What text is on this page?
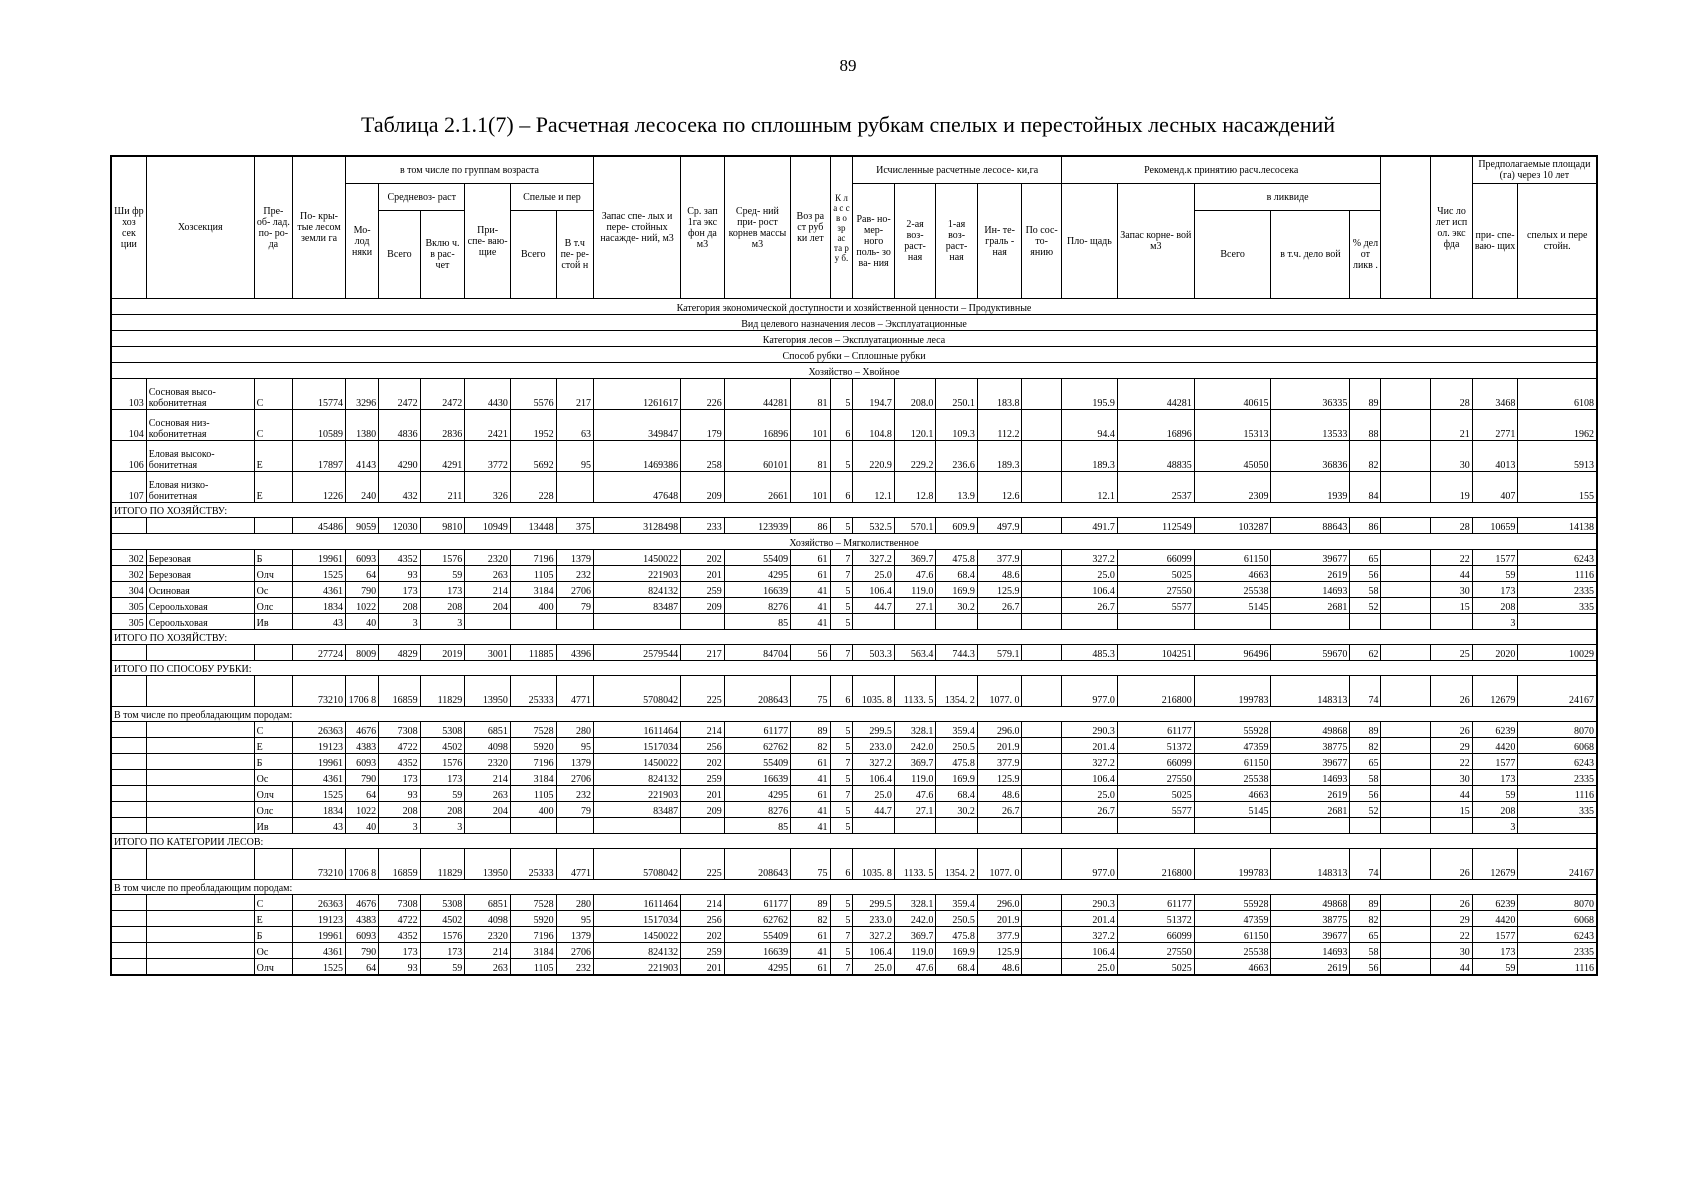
89
Таблица 2.1.1(7) – Расчетная лесосека по сплошным рубкам спелых и перестойных лесных насаждений
Ши фр хоз сек ции	Хозсекция	Пре- об- лад. по- ро- да	По- кры- тые лесом земли га	в том числе по группам возраста						Запас спе- лых и пере- стойных насажде- ний, м3	Ср. зап 1га экс фон да м3	Сред- ний при- рост корнев массы м3	Воз ра ст руб ки лет	К л а с с в о зр ас та р у б.	Исчисленные расчетные лесосе- ки,га					Рекоменд.к принятию расч.лесосека						Чис ло лет исп ол. экс фда	Предполагаемые площади (га) через 10 лет	
				Мо- лод няки	Средневоз- раст		При- спе- ваю- щие	Спелые и пер							Рав- но- мер- ного поль- зо ва- ния	2-ая воз- раст- ная	1-ая воз- раст- ная	Ин- те- граль - ная	По сос- то- янию	Пло- щадь	Запас корне- вой м3	в ликвиде					при- спе- ваю- щих	спелых и пере стойн.
					Всего	Вклю ч. в рас- чет		Всего	В т.ч пе- ре- стой н													Всего	в т.ч. дело вой	% дел от ликв .				
Категория экономической доступности и хозяйственной ценности – Продуктивные																												
Вид целевого назначения лесов – Эксплуатационные																												
Категория лесов – Эксплуатационные леса																												
Способ рубки – Сплошные рубки																												
Хозяйство – Хвойное																												
103	Сосновая высо- кобонитетная	С	15774	3296	2472	2472	4430	5576	217	1261617	226	44281	81	5	194.7	208.0	250.1	183.8		195.9	44281	40615	36335	89		28	3468	6108
104	Сосновая низ- кобонитетная	С	10589	1380	4836	2836	2421	1952	63	349847	179	16896	101	6	104.8	120.1	109.3	112.2		94.4	16896	15313	13533	88		21	2771	1962
106	Еловая высоко- бонитетная	Е	17897	4143	4290	4291	3772	5692	95	1469386	258	60101	81	5	220.9	229.2	236.6	189.3		189.3	48835	45050	36836	82		30	4013	5913
107	Еловая низко- бонитетная	Е	1226	240	432	211	326	228		47648	209	2661	101	6	12.1	12.8	13.9	12.6		12.1	2537	2309	1939	84		19	407	155
ИТОГО ПО ХОЗЯЙСТВУ:																												
			45486	9059	12030	9810	10949	13448	375	3128498	233	123939	86	5	532.5	570.1	609.9	497.9		491.7	112549	103287	88643	86		28	10659	14138
Хозяйство – Мягколиственное																												
302	Березовая	Б	19961	6093	4352	1576	2320	7196	1379	1450022	202	55409	61	7	327.2	369.7	475.8	377.9		327.2	66099	61150	39677	65		22	1577	6243
302	Березовая	Олч	1525	64	93	59	263	1105	232	221903	201	4295	61	7	25.0	47.6	68.4	48.6		25.0	5025	4663	2619	56		44	59	1116
304	Осиновая	Ос	4361	790	173	173	214	3184	2706	824132	259	16639	41	5	106.4	119.0	169.9	125.9		106.4	27550	25538	14693	58		30	173	2335
305	Сероольховая	Олс	1834	1022	208	208	204	400	79	83487	209	8276	41	5	44.7	27.1	30.2	26.7		26.7	5577	5145	2681	52		15	208	335
305	Сероольховая	Ив	43	40	3	3						85	41	5													3	
ИТОГО ПО ХОЗЯЙСТВУ:																												
			27724	8009	4829	2019	3001	11885	4396	2579544	217	84704	56	7	503.3	563.4	744.3	579.1		485.3	104251	96496	59670	62		25	2020	10029
ИТОГО ПО СПОСОБУ РУБКИ:																												
			73210	1706 8	16859	11829	13950	25333	4771	5708042	225	208643	75	6	1035. 8	1133. 5	1354. 2	1077. 0		977.0	216800	199783	148313	74		26	12679	24167
В том числе по преобладающим породам:																												
		С	26363	4676	7308	5308	6851	7528	280	1611464	214	61177	89	5	299.5	328.1	359.4	296.0		290.3	61177	55928	49868	89		26	6239	8070
		Е	19123	4383	4722	4502	4098	5920	95	1517034	256	62762	82	5	233.0	242.0	250.5	201.9		201.4	51372	47359	38775	82		29	4420	6068
		Б	19961	6093	4352	1576	2320	7196	1379	1450022	202	55409	61	7	327.2	369.7	475.8	377.9		327.2	66099	61150	39677	65		22	1577	6243
		Ос	4361	790	173	173	214	3184	2706	824132	259	16639	41	5	106.4	119.0	169.9	125.9		106.4	27550	25538	14693	58		30	173	2335
		Олч	1525	64	93	59	263	1105	232	221903	201	4295	61	7	25.0	47.6	68.4	48.6		25.0	5025	4663	2619	56		44	59	1116
		Олс	1834	1022	208	208	204	400	79	83487	209	8276	41	5	44.7	27.1	30.2	26.7		26.7	5577	5145	2681	52		15	208	335
		Ив	43	40	3	3						85	41	5													3	
ИТОГО ПО КАТЕГОРИИ ЛЕСОВ:																												
			73210	1706 8	16859	11829	13950	25333	4771	5708042	225	208643	75	6	1035. 8	1133. 5	1354. 2	1077. 0		977.0	216800	199783	148313	74		26	12679	24167
В том числе по преобладающим породам:																												
		С	26363	4676	7308	5308	6851	7528	280	1611464	214	61177	89	5	299.5	328.1	359.4	296.0		290.3	61177	55928	49868	89		26	6239	8070
		Е	19123	4383	4722	4502	4098	5920	95	1517034	256	62762	82	5	233.0	242.0	250.5	201.9		201.4	51372	47359	38775	82		29	4420	6068
		Б	19961	6093	4352	1576	2320	7196	1379	1450022	202	55409	61	7	327.2	369.7	475.8	377.9		327.2	66099	61150	39677	65		22	1577	6243
		Ос	4361	790	173	173	214	3184	2706	824132	259	16639	41	5	106.4	119.0	169.9	125.9		106.4	27550	25538	14693	58		30	173	2335
		Олч	1525	64	93	59	263	1105	232	221903	201	4295	61	7	25.0	47.6	68.4	48.6		25.0	5025	4663	2619	56		44	59	1116
